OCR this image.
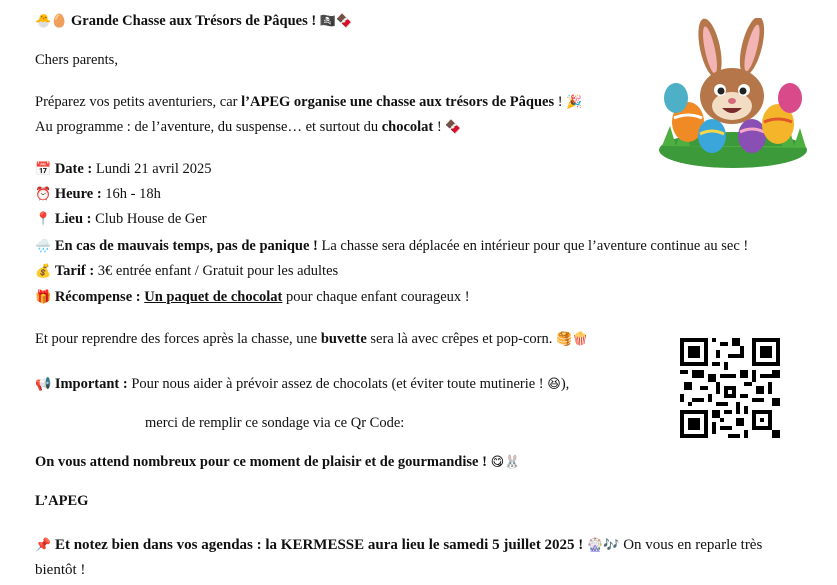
🐣🥚 Grande Chasse aux Trésors de Pâques ! 🏴‍☠️🍫
Chers parents,
Préparez vos petits aventuriers, car l’APEG organise une chasse aux trésors de Pâques ! 🎉
Au programme : de l’aventure, du suspense… et surtout du chocolat ! 🍫
📅 Date : Lundi 21 avril 2025
⏰ Heure : 16h - 18h
📍 Lieu : Club House de Ger
🌧️ En cas de mauvais temps, pas de panique ! La chasse sera déplacée en intérieur pour que l’aventure continue au sec !
💰 Tarif : 3€ entrée enfant / Gratuit pour les adultes
🎁 Récompense : Un paquet de chocolat pour chaque enfant courageux !
Et pour reprendre des forces après la chasse, une buvette sera là avec crêpes et pop-corn. 🥞🍿
📢 Important : Pour nous aider à prévoir assez de chocolats (et éviter toute mutinerie ! 😆),
merci de remplir ce sondage via ce Qr Code:
On vous attend nombreux pour ce moment de plaisir et de gourmandise ! 😋🐰
L’APEG
📌 Et notez bien dans vos agendas : la KERMESSE aura lieu le samedi 5 juillet 2025 ! 🎡🎶 On vous en reparle très bientôt !
